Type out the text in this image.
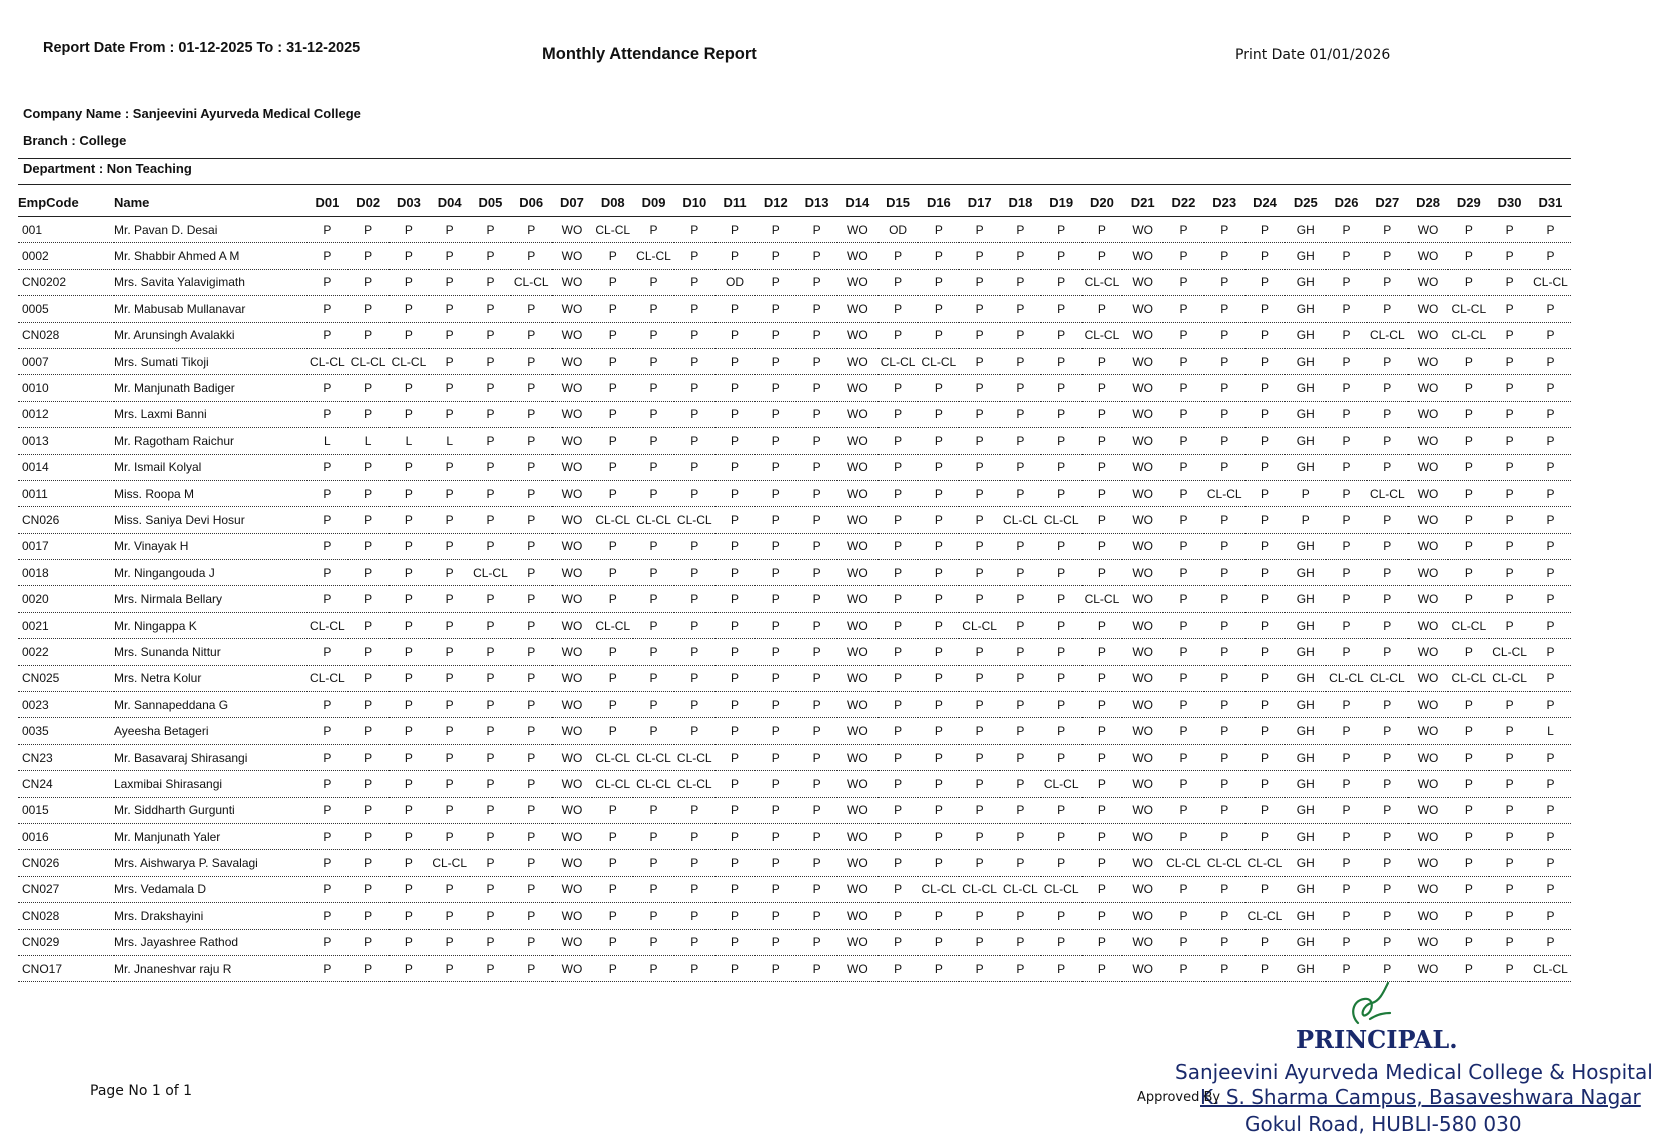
Report Date From : 01-12-2025 To : 31-12-2025	Monthly Attendance Report	Print Date 01/01/2026
Company Name : Sanjeevini Ayurveda Medical College
Branch : College
Department : Non Teaching
EmpCode	Name	D01	D02	D03	D04	D05	D06	D07	D08	D09	D10	D11	D12	D13	D14	D15	D16	D17	D18	D19	D20	D21	D22	D23	D24	D25	D26	D27	D28	D29	D30	D31
001	Mr. Pavan D. Desai	P	P	P	P	P	P	WO	CL-CL	P	P	P	P	P	WO	OD	P	P	P	P	P	WO	P	P	P	GH	P	P	WO	P	P	P
0002	Mr. Shabbir Ahmed A M	P	P	P	P	P	P	WO	P	CL-CL	P	P	P	P	WO	P	P	P	P	P	P	WO	P	P	P	GH	P	P	WO	P	P	P
CN0202	Mrs. Savita Yalavigimath	P	P	P	P	P	CL-CL	WO	P	P	P	OD	P	P	WO	P	P	P	P	P	CL-CL	WO	P	P	P	GH	P	P	WO	P	P	CL-CL
0005	Mr. Mabusab Mullanavar	P	P	P	P	P	P	WO	P	P	P	P	P	P	WO	P	P	P	P	P	P	WO	P	P	P	GH	P	P	WO	CL-CL	P	P
CN028	Mr. Arunsingh Avalakki	P	P	P	P	P	P	WO	P	P	P	P	P	P	WO	P	P	P	P	P	CL-CL	WO	P	P	P	GH	P	CL-CL	WO	CL-CL	P	P
0007	Mrs. Sumati Tikoji	CL-CL	CL-CL	CL-CL	P	P	P	WO	P	P	P	P	P	P	WO	CL-CL	CL-CL	P	P	P	P	WO	P	P	P	GH	P	P	WO	P	P	P
0010	Mr. Manjunath Badiger	P	P	P	P	P	P	WO	P	P	P	P	P	P	WO	P	P	P	P	P	P	WO	P	P	P	GH	P	P	WO	P	P	P
0012	Mrs. Laxmi Banni	P	P	P	P	P	P	WO	P	P	P	P	P	P	WO	P	P	P	P	P	P	WO	P	P	P	GH	P	P	WO	P	P	P
0013	Mr. Ragotham Raichur	L	L	L	L	P	P	WO	P	P	P	P	P	P	WO	P	P	P	P	P	P	WO	P	P	P	GH	P	P	WO	P	P	P
0014	Mr. Ismail Kolyal	P	P	P	P	P	P	WO	P	P	P	P	P	P	WO	P	P	P	P	P	P	WO	P	P	P	GH	P	P	WO	P	P	P
0011	Miss. Roopa M	P	P	P	P	P	P	WO	P	P	P	P	P	P	WO	P	P	P	P	P	P	WO	P	CL-CL	P	P	P	CL-CL	WO	P	P	P
CN026	Miss. Saniya Devi Hosur	P	P	P	P	P	P	WO	CL-CL	CL-CL	CL-CL	P	P	P	WO	P	P	P	CL-CL	CL-CL	P	WO	P	P	P	P	P	P	WO	P	P	P
0017	Mr. Vinayak H	P	P	P	P	P	P	WO	P	P	P	P	P	P	WO	P	P	P	P	P	P	WO	P	P	P	GH	P	P	WO	P	P	P
0018	Mr. Ningangouda J	P	P	P	P	CL-CL	P	WO	P	P	P	P	P	P	WO	P	P	P	P	P	P	WO	P	P	P	GH	P	P	WO	P	P	P
0020	Mrs. Nirmala Bellary	P	P	P	P	P	P	WO	P	P	P	P	P	P	WO	P	P	P	P	P	CL-CL	WO	P	P	P	GH	P	P	WO	P	P	P
0021	Mr. Ningappa K	CL-CL	P	P	P	P	P	WO	CL-CL	P	P	P	P	P	WO	P	P	CL-CL	P	P	P	WO	P	P	P	GH	P	P	WO	CL-CL	P	P
0022	Mrs. Sunanda Nittur	P	P	P	P	P	P	WO	P	P	P	P	P	P	WO	P	P	P	P	P	P	WO	P	P	P	GH	P	P	WO	P	CL-CL	P
CN025	Mrs. Netra Kolur	CL-CL	P	P	P	P	P	WO	P	P	P	P	P	P	WO	P	P	P	P	P	P	WO	P	P	P	GH	CL-CL	CL-CL	WO	CL-CL	CL-CL	P
0023	Mr. Sannapeddana G	P	P	P	P	P	P	WO	P	P	P	P	P	P	WO	P	P	P	P	P	P	WO	P	P	P	GH	P	P	WO	P	P	P
0035	Ayeesha Betageri	P	P	P	P	P	P	WO	P	P	P	P	P	P	WO	P	P	P	P	P	P	WO	P	P	P	GH	P	P	WO	P	P	L
CN23	Mr. Basavaraj Shirasangi	P	P	P	P	P	P	WO	CL-CL	CL-CL	CL-CL	P	P	P	WO	P	P	P	P	P	P	WO	P	P	P	GH	P	P	WO	P	P	P
CN24	Laxmibai Shirasangi	P	P	P	P	P	P	WO	CL-CL	CL-CL	CL-CL	P	P	P	WO	P	P	P	P	CL-CL	P	WO	P	P	P	GH	P	P	WO	P	P	P
0015	Mr. Siddharth Gurgunti	P	P	P	P	P	P	WO	P	P	P	P	P	P	WO	P	P	P	P	P	P	WO	P	P	P	GH	P	P	WO	P	P	P
0016	Mr. Manjunath Yaler	P	P	P	P	P	P	WO	P	P	P	P	P	P	WO	P	P	P	P	P	P	WO	P	P	P	GH	P	P	WO	P	P	P
CN026	Mrs. Aishwarya P. Savalagi	P	P	P	CL-CL	P	P	WO	P	P	P	P	P	P	WO	P	P	P	P	P	P	WO	CL-CL	CL-CL	CL-CL	GH	P	P	WO	P	P	P
CN027	Mrs. Vedamala D	P	P	P	P	P	P	WO	P	P	P	P	P	P	WO	P	CL-CL	CL-CL	CL-CL	CL-CL	P	WO	P	P	P	GH	P	P	WO	P	P	P
CN028	Mrs. Drakshayini	P	P	P	P	P	P	WO	P	P	P	P	P	P	WO	P	P	P	P	P	P	WO	P	P	CL-CL	GH	P	P	WO	P	P	P
CN029	Mrs. Jayashree Rathod	P	P	P	P	P	P	WO	P	P	P	P	P	P	WO	P	P	P	P	P	P	WO	P	P	P	GH	P	P	WO	P	P	P
CNO17	Mr. Jnaneshvar raju R	P	P	P	P	P	P	WO	P	P	P	P	P	P	WO	P	P	P	P	P	P	WO	P	P	P	GH	P	P	WO	P	P	CL-CL
Page No 1 of 1
PRINCIPAL.
Sanjeevini Ayurveda Medical College & Hospital
K. S. Sharma Campus, Basaveshwara Nagar
Gokul Road, HUBLI-580 030
Approved By
